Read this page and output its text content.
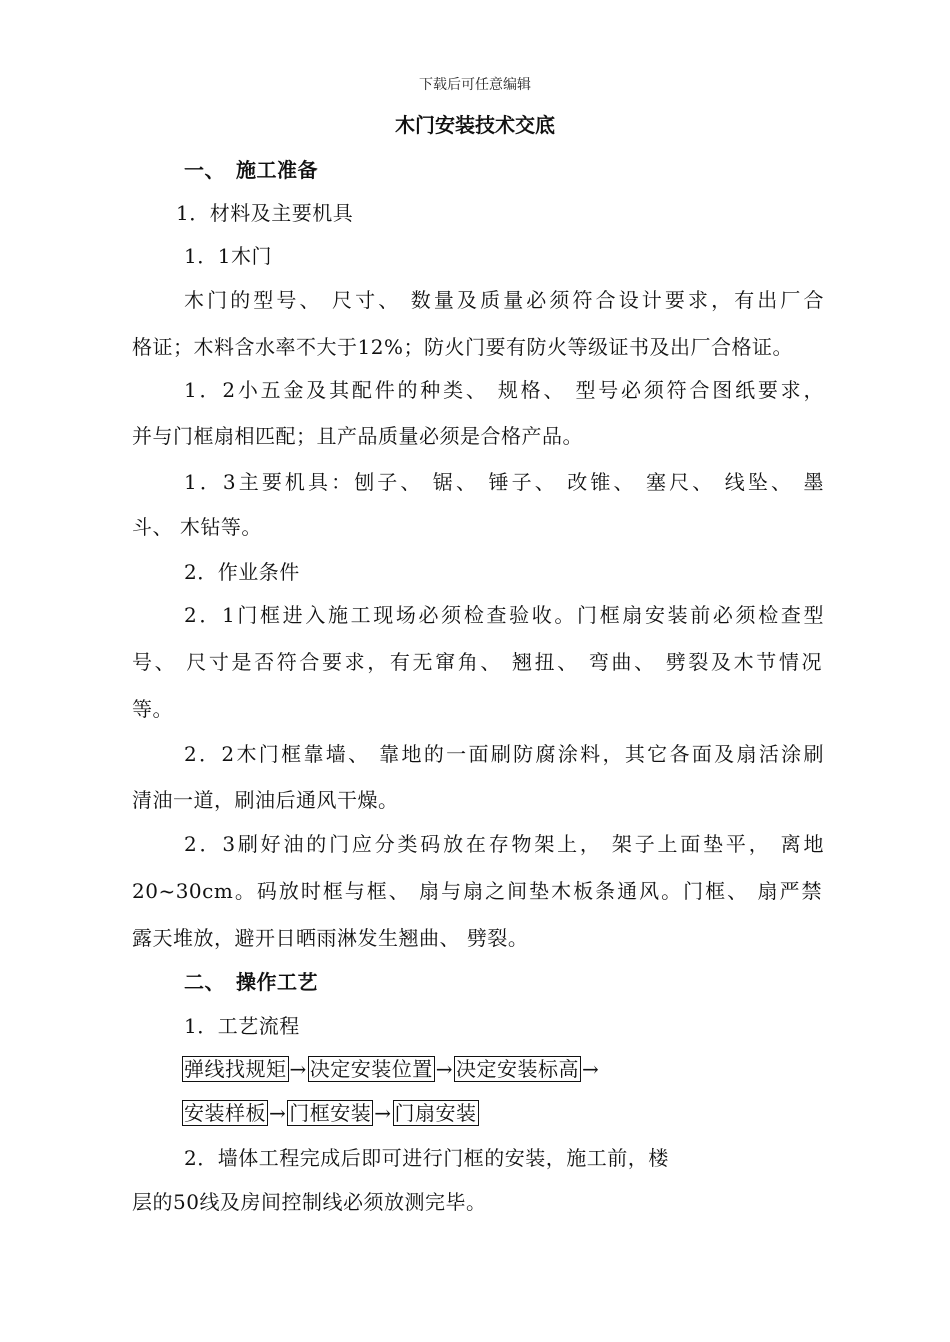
下载后可任意编辑
木门安装技术交底
一、 施工准备
1．材料及主要机具
1．1木门
木门的型号、 尺寸、 数量及质量必须符合设计要求，有出厂合
格证；木料含水率不大于12%；防火门要有防火等级证书及出厂合格证。
1．2小五金及其配件的种类、 规格、 型号必须符合图纸要求，
并与门框扇相匹配；且产品质量必须是合格产品。
1．3主要机具：刨子、 锯、 锤子、 改锥、 塞尺、 线坠、 墨
斗、 木钻等。
2．作业条件
2．1门框进入施工现场必须检查验收。门框扇安装前必须检查型
号、 尺寸是否符合要求，有无窜角、 翘扭、 弯曲、 劈裂及木节情况
等。
2．2木门框靠墙、 靠地的一面刷防腐涂料，其它各面及扇活涂刷
清油一道，刷油后通风干燥。
2．3刷好油的门应分类码放在存物架上， 架子上面垫平， 离地
20~30cm。码放时框与框、 扇与扇之间垫木板条通风。门框、 扇严禁
露天堆放，避开日晒雨淋发生翘曲、 劈裂。
二、 操作工艺
1．工艺流程
弹线找规矩 → 决定安装位置 → 决定安装标高 →
安装样板 → 门框安装 → 门扇安装
2．墙体工程完成后即可进行门框的安装，施工前，楼
层的50线及房间控制线必须放测完毕。
